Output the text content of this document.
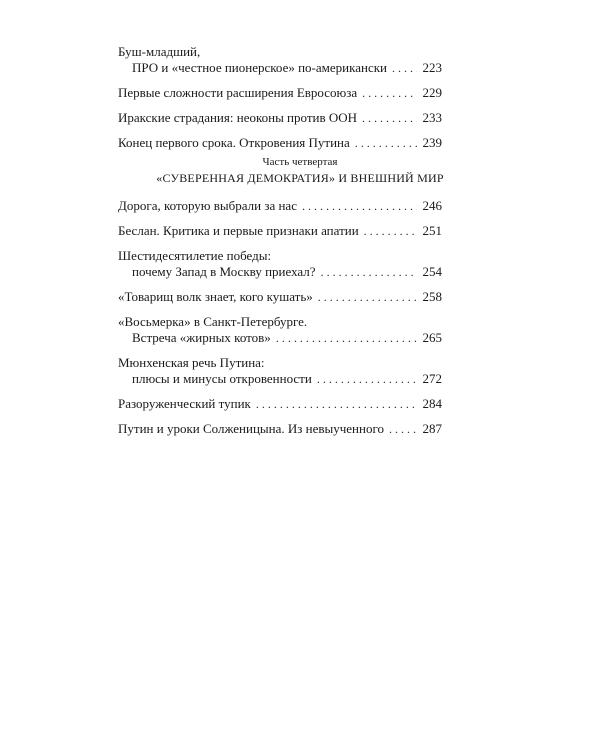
Буш-младший,
ПРО и «честное пионерское» по-американски . . .	223
Первые сложности расширения Евросоюза . . .	229
Иракские страдания: неоконы против ООН . . .	233
Конец первого срока. Откровения Путина . . .	239
Часть четвертая
«СУВЕРЕННАЯ ДЕМОКРАТИЯ» И ВНЕШНИЙ МИР
Дорога, которую выбрали за нас . . .	246
Беслан. Критика и первые признаки апатии . . .	251
Шестидесятилетие победы:
почему Запад в Москву приехал? . . .	254
«Товарищ волк знает, кого кушать» . . .	258
«Восьмерка» в Санкт-Петербурге.
Встреча «жирных котов» . . .	265
Мюнхенская речь Путина:
плюсы и минусы откровенности . . .	272
Разоруженческий тупик . . .	284
Путин и уроки Солженицына. Из невыученного . . .	287
